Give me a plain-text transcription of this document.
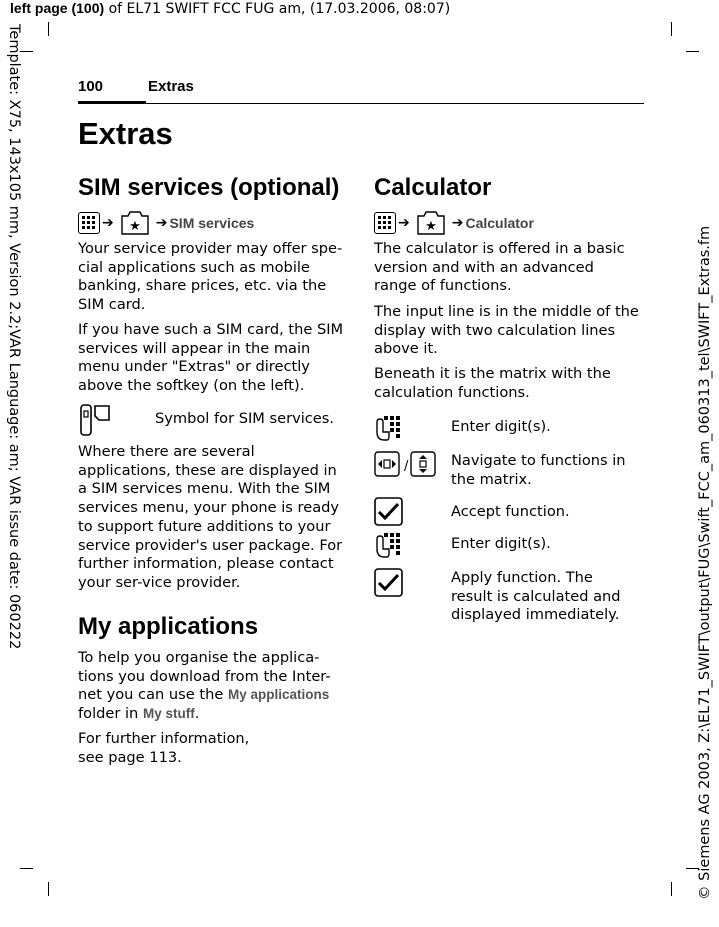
left page (100) of EL71 SWIFT FCC FUG am, (17.03.2006, 08:07)
Template: X75, 143x105 mm, Version 2.2;VAR Language: am; VAR issue date: 060222	© Siemens AG 2003, Z:\EL71_SWIFT\output\FUG\Swift_FCC_am_060313_tel\SWIFT_Extras.fm
100	Extras
Extras
SIM services (optional)
➔ ★ ➔ SIM services
Your service provider may offer spe-cial applications such as mobile banking, share prices, etc. via the SIM card.
If you have such a SIM card, the SIM services will appear in the main menu under "Extras" or directly above the softkey (on the left).
Symbol for SIM services.
Where there are several applications, these are displayed in a SIM services menu. With the SIM services menu, your phone is ready to support future additions to your service provider's user package. For further information, please contact your ser-vice provider.
My applications
To help you organise the applica-tions you download from the Inter-net you can use the My applications folder in My stuff.
For further information, see page 113.
Calculator
➔ ★ ➔ Calculator
The calculator is offered in a basic version and with an advanced range of functions.
The input line is in the middle of the display with two calculation lines above it.
Beneath it is the matrix with the calculation functions.
Enter digit(s).
/	Navigate to functions in the matrix.
Accept function.
Enter digit(s).
Apply function. The result is calculated and displayed immediately.
